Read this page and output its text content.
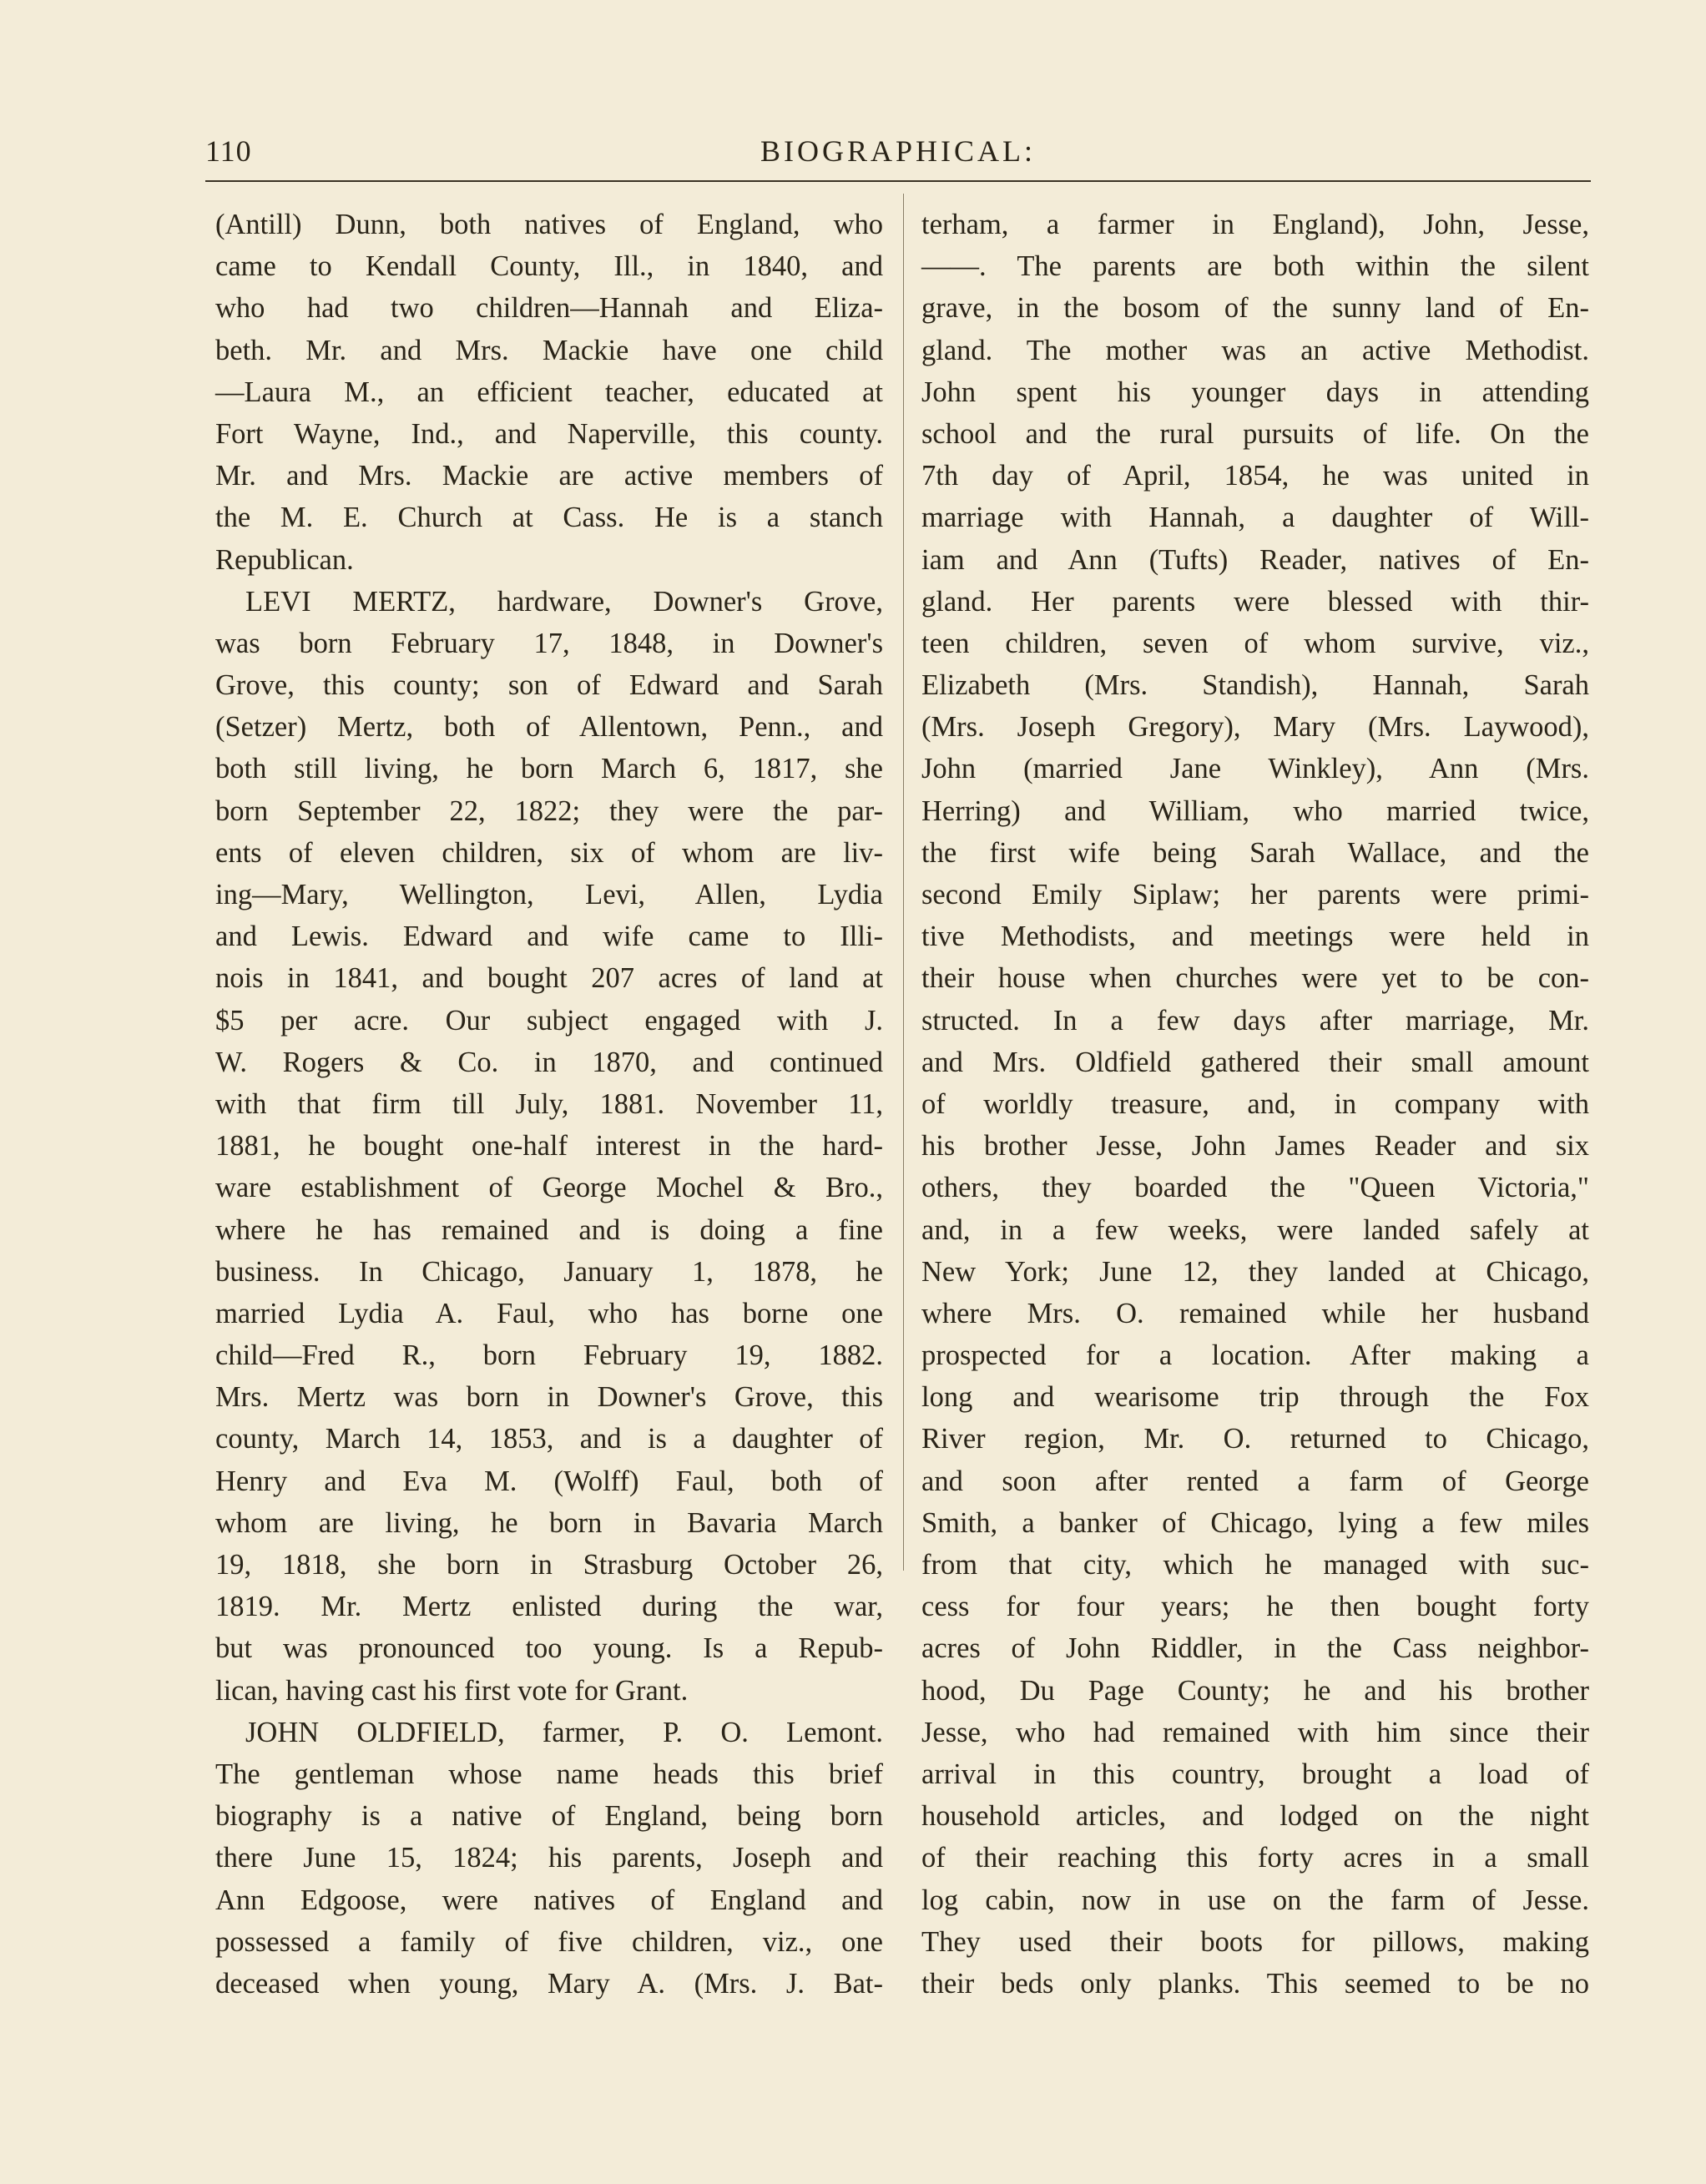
110	BIOGRAPHICAL:
(Antill) Dunn, both natives of England, who
came to Kendall County, Ill., in 1840, and
who had two children—Hannah and Eliza-
beth. Mr. and Mrs. Mackie have one child
—Laura M., an efficient teacher, educated at
Fort Wayne, Ind., and Naperville, this county.
Mr. and Mrs. Mackie are active members of
the M. E. Church at Cass. He is a stanch
Republican.
LEVI MERTZ, hardware, Downer's Grove,
was born February 17, 1848, in Downer's
Grove, this county; son of Edward and Sarah
(Setzer) Mertz, both of Allentown, Penn., and
both still living, he born March 6, 1817, she
born September 22, 1822; they were the par-
ents of eleven children, six of whom are liv-
ing—Mary, Wellington, Levi, Allen, Lydia
and Lewis. Edward and wife came to Illi-
nois in 1841, and bought 207 acres of land at
$5 per acre. Our subject engaged with J.
W. Rogers & Co. in 1870, and continued
with that firm till July, 1881. November 11,
1881, he bought one-half interest in the hard-
ware establishment of George Mochel & Bro.,
where he has remained and is doing a fine
business. In Chicago, January 1, 1878, he
married Lydia A. Faul, who has borne one
child—Fred R., born February 19, 1882.
Mrs. Mertz was born in Downer's Grove, this
county, March 14, 1853, and is a daughter of
Henry and Eva M. (Wolff) Faul, both of
whom are living, he born in Bavaria March
19, 1818, she born in Strasburg October 26,
1819. Mr. Mertz enlisted during the war,
but was pronounced too young. Is a Repub-
lican, having cast his first vote for Grant.
JOHN OLDFIELD, farmer, P. O. Lemont.
The gentleman whose name heads this brief
biography is a native of England, being born
there June 15, 1824; his parents, Joseph and
Ann Edgoose, were natives of England and
possessed a family of five children, viz., one
deceased when young, Mary A. (Mrs. J. Bat-
terham, a farmer in England), John, Jesse,
——. The parents are both within the silent
grave, in the bosom of the sunny land of En-
gland. The mother was an active Methodist.
John spent his younger days in attending
school and the rural pursuits of life. On the
7th day of April, 1854, he was united in
marriage with Hannah, a daughter of Will-
iam and Ann (Tufts) Reader, natives of En-
gland. Her parents were blessed with thir-
teen children, seven of whom survive, viz.,
Elizabeth (Mrs. Standish), Hannah, Sarah
(Mrs. Joseph Gregory), Mary (Mrs. Laywood),
John (married Jane Winkley), Ann (Mrs.
Herring) and William, who married twice,
the first wife being Sarah Wallace, and the
second Emily Siplaw; her parents were primi-
tive Methodists, and meetings were held in
their house when churches were yet to be con-
structed. In a few days after marriage, Mr.
and Mrs. Oldfield gathered their small amount
of worldly treasure, and, in company with
his brother Jesse, John James Reader and six
others, they boarded the "Queen Victoria,"
and, in a few weeks, were landed safely at
New York; June 12, they landed at Chicago,
where Mrs. O. remained while her husband
prospected for a location. After making a
long and wearisome trip through the Fox
River region, Mr. O. returned to Chicago,
and soon after rented a farm of George
Smith, a banker of Chicago, lying a few miles
from that city, which he managed with suc-
cess for four years; he then bought forty
acres of John Riddler, in the Cass neighbor-
hood, Du Page County; he and his brother
Jesse, who had remained with him since their
arrival in this country, brought a load of
household articles, and lodged on the night
of their reaching this forty acres in a small
log cabin, now in use on the farm of Jesse.
They used their boots for pillows, making
their beds only planks. This seemed to be no
